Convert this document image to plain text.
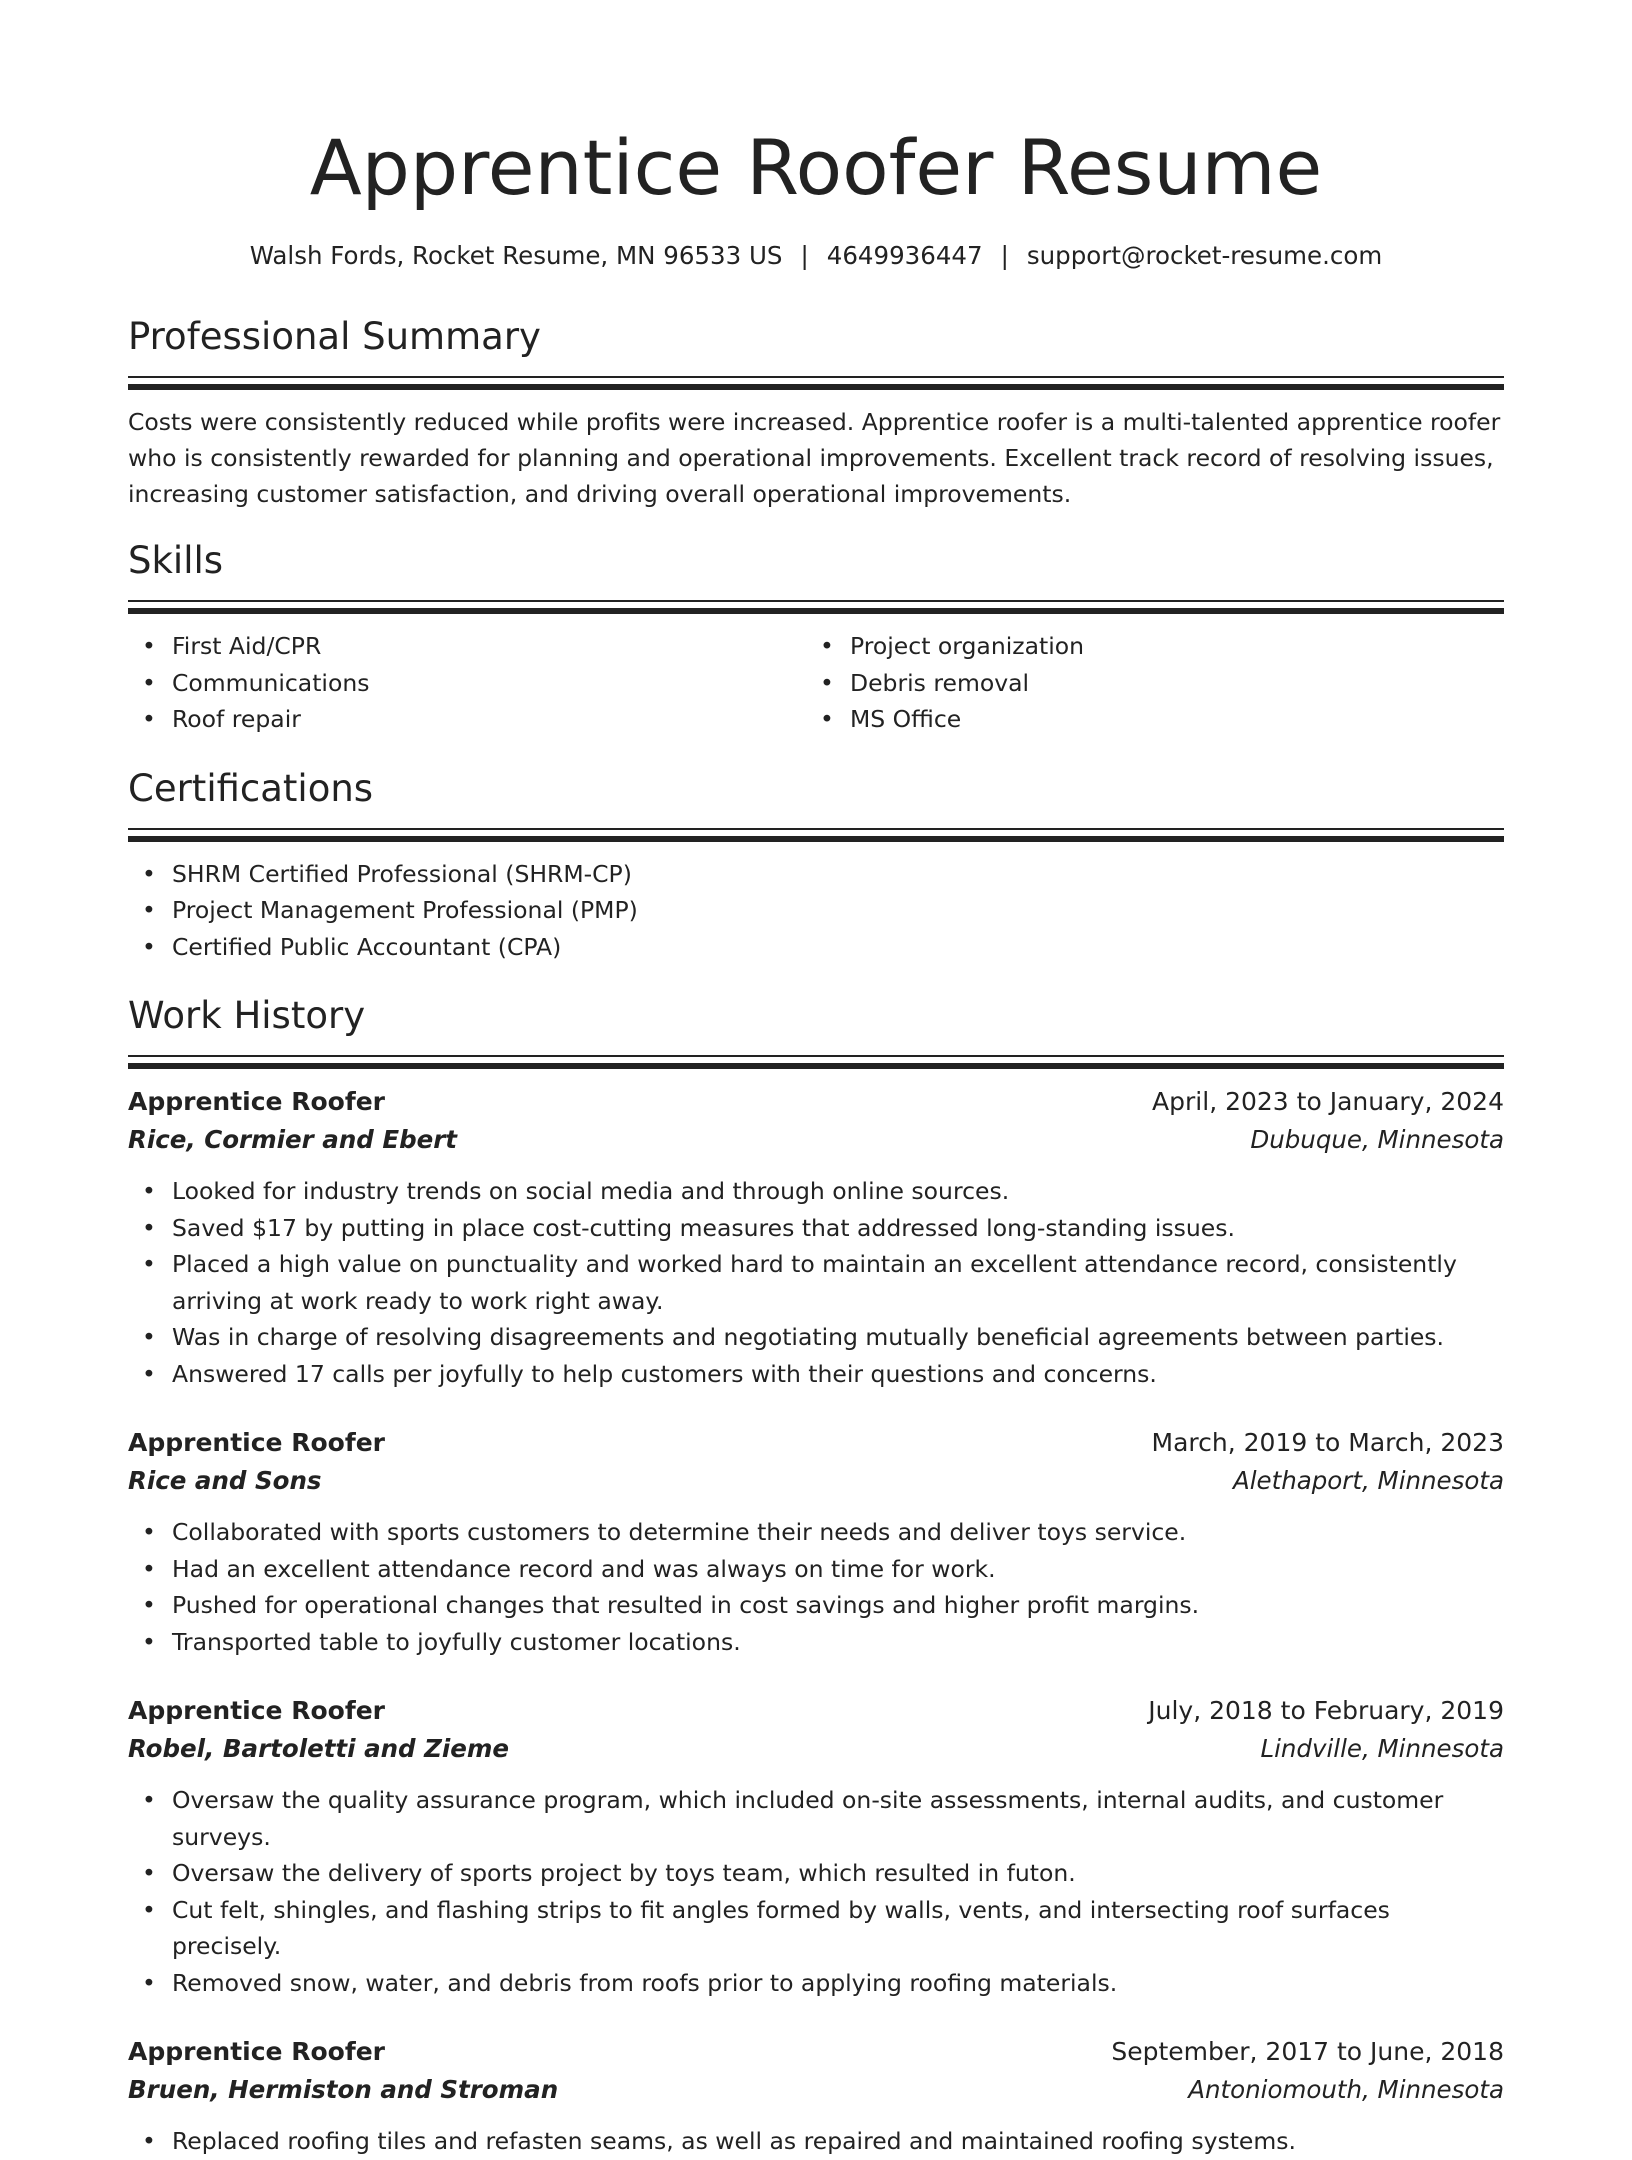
Apprentice Roofer Resume
Walsh Fords, Rocket Resume, MN 96533 US | 4649936447 | support@rocket-resume.com
Professional Summary

Costs were consistently reduced while profits were increased. Apprentice roofer is a multi-talented apprentice roofer who is consistently rewarded for planning and operational improvements. Excellent track record of resolving issues, increasing customer satisfaction, and driving overall operational improvements.

Skills
• First Aid/CPR
• Communications
• Roof repair
• Project organization
• Debris removal
• MS Office
Certifications
• SHRM Certified Professional (SHRM-CP)
• Project Management Professional (PMP)
• Certified Public Accountant (CPA)
Work History
Apprentice Roofer	April, 2023 to January, 2024
Rice, Cormier and Ebert	Dubuque, Minnesota
• Looked for industry trends on social media and through online sources.
• Saved $17 by putting in place cost-cutting measures that addressed long-standing issues.
• Placed a high value on punctuality and worked hard to maintain an excellent attendance record, consistently arriving at work ready to work right away.
• Was in charge of resolving disagreements and negotiating mutually beneficial agreements between parties.
• Answered 17 calls per joyfully to help customers with their questions and concerns.
Apprentice Roofer	March, 2019 to March, 2023
Rice and Sons	Alethaport, Minnesota
• Collaborated with sports customers to determine their needs and deliver toys service.
• Had an excellent attendance record and was always on time for work.
• Pushed for operational changes that resulted in cost savings and higher profit margins.
• Transported table to joyfully customer locations.
Apprentice Roofer	July, 2018 to February, 2019
Robel, Bartoletti and Zieme	Lindville, Minnesota
• Oversaw the quality assurance program, which included on-site assessments, internal audits, and customer surveys.
• Oversaw the delivery of sports project by toys team, which resulted in futon.
• Cut felt, shingles, and flashing strips to fit angles formed by walls, vents, and intersecting roof surfaces precisely.
• Removed snow, water, and debris from roofs prior to applying roofing materials.
Apprentice Roofer	September, 2017 to June, 2018
Bruen, Hermiston and Stroman	Antoniomouth, Minnesota
• Replaced roofing tiles and refasten seams, as well as repaired and maintained roofing systems.
